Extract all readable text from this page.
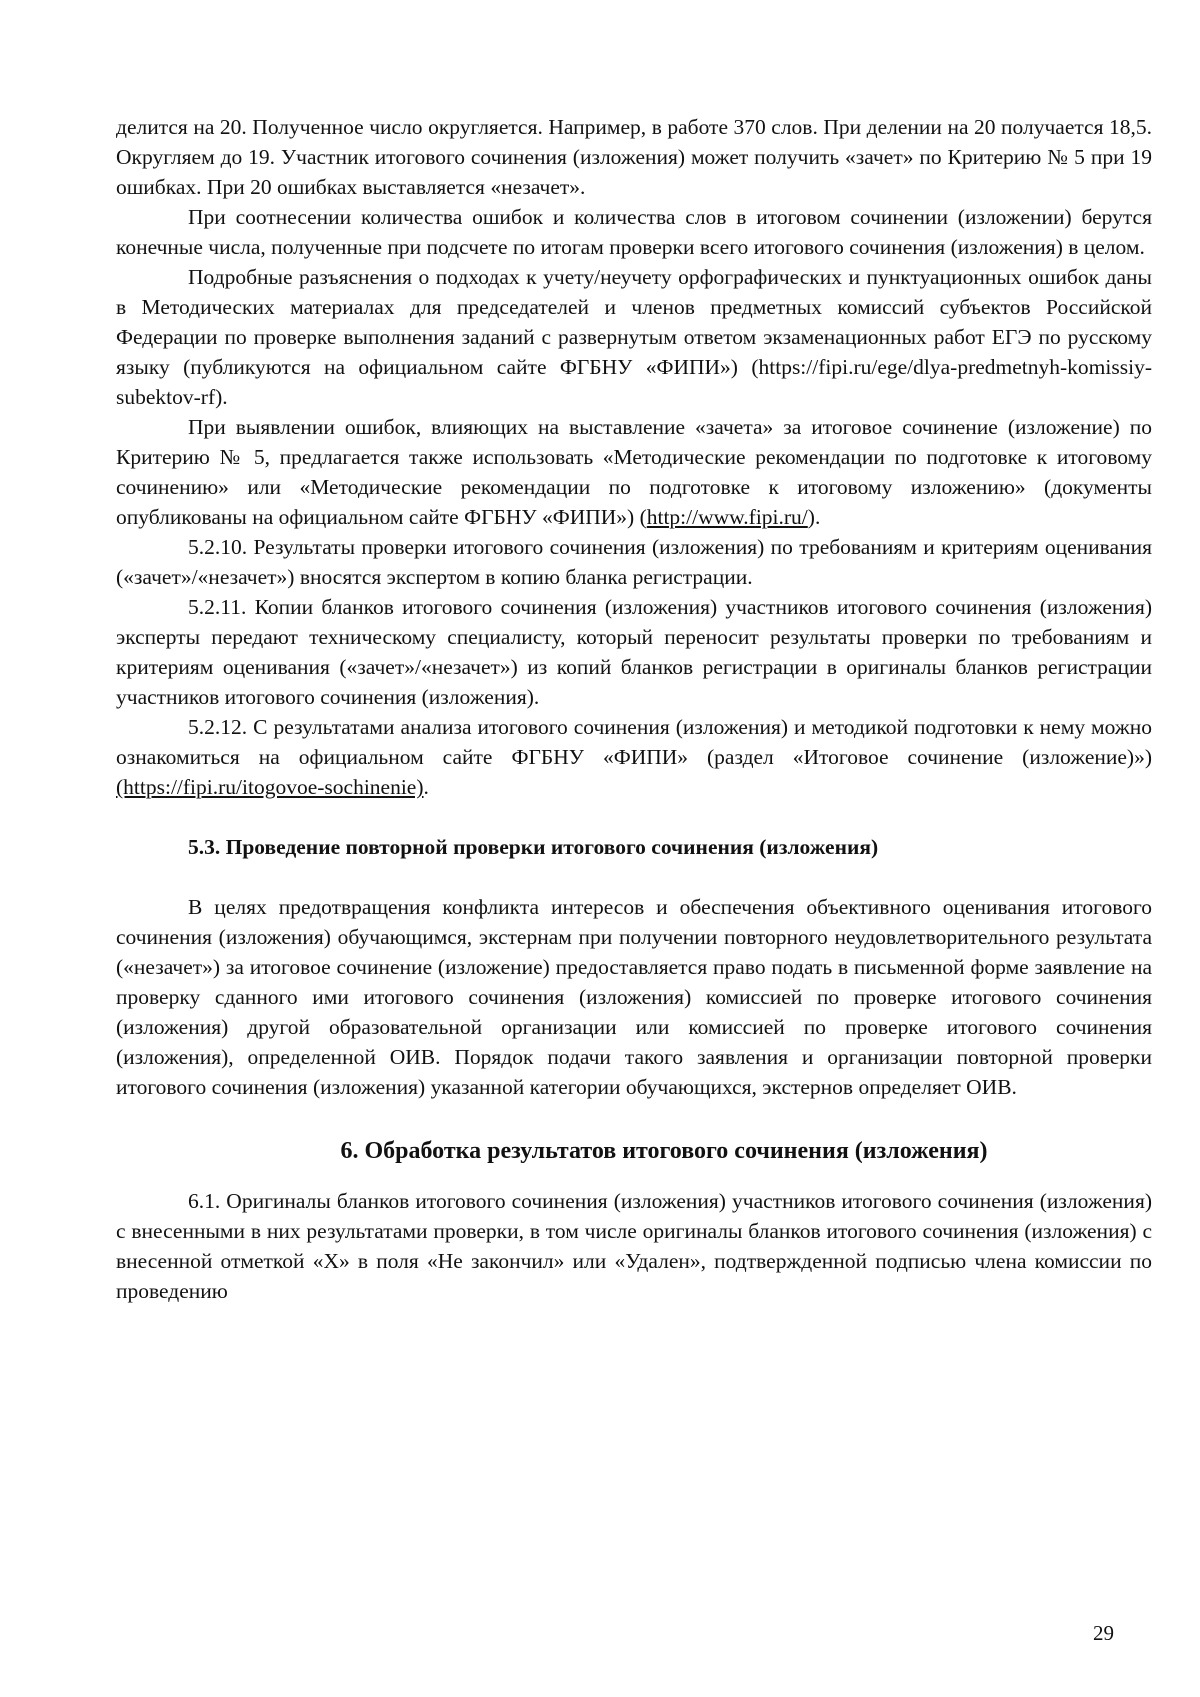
делится на 20. Полученное число округляется. Например, в работе 370 слов. При делении на 20 получается 18,5. Округляем до 19. Участник итогового сочинения (изложения) может получить «зачет» по Критерию № 5 при 19 ошибках. При 20 ошибках выставляется «незачет».

При соотнесении количества ошибок и количества слов в итоговом сочинении (изложении) берутся конечные числа, полученные при подсчете по итогам проверки всего итогового сочинения (изложения) в целом.

Подробные разъяснения о подходах к учету/неучету орфографических и пунктуационных ошибок даны в Методических материалах для председателей и членов предметных комиссий субъектов Российской Федерации по проверке выполнения заданий с развернутым ответом экзаменационных работ ЕГЭ по русскому языку (публикуются на официальном сайте ФГБНУ «ФИПИ») (https://fipi.ru/ege/dlya-predmetnyh-komissiy-subektov-rf).

При выявлении ошибок, влияющих на выставление «зачета» за итоговое сочинение (изложение) по Критерию № 5, предлагается также использовать «Методические рекомендации по подготовке к итоговому сочинению» или «Методические рекомендации по подготовке к итоговому изложению» (документы опубликованы на официальном сайте ФГБНУ «ФИПИ») (http://www.fipi.ru/).

5.2.10. Результаты проверки итогового сочинения (изложения) по требованиям и критериям оценивания («зачет»/«незачет») вносятся экспертом в копию бланка регистрации.

5.2.11. Копии бланков итогового сочинения (изложения) участников итогового сочинения (изложения) эксперты передают техническому специалисту, который переносит результаты проверки по требованиям и критериям оценивания («зачет»/«незачет») из копий бланков регистрации в оригиналы бланков регистрации участников итогового сочинения (изложения).

5.2.12. С результатами анализа итогового сочинения (изложения) и методикой подготовки к нему можно ознакомиться на официальном сайте ФГБНУ «ФИПИ» (раздел «Итоговое сочинение (изложение)») (https://fipi.ru/itogovoe-sochinenie).

5.3. Проведение повторной проверки итогового сочинения (изложения)

В целях предотвращения конфликта интересов и обеспечения объективного оценивания итогового сочинения (изложения) обучающимся, экстернам при получении повторного неудовлетворительного результата («незачет») за итоговое сочинение (изложение) предоставляется право подать в письменной форме заявление на проверку сданного ими итогового сочинения (изложения) комиссией по проверке итогового сочинения (изложения) другой образовательной организации или комиссией по проверке итогового сочинения (изложения), определенной ОИВ. Порядок подачи такого заявления и организации повторной проверки итогового сочинения (изложения) указанной категории обучающихся, экстернов определяет ОИВ.

6. Обработка результатов итогового сочинения (изложения)

6.1. Оригиналы бланков итогового сочинения (изложения) участников итогового сочинения (изложения) с внесенными в них результатами проверки, в том числе оригиналы бланков итогового сочинения (изложения) с внесенной отметкой «Х» в поля «Не закончил» или «Удален», подтвержденной подписью члена комиссии по проведению

29
